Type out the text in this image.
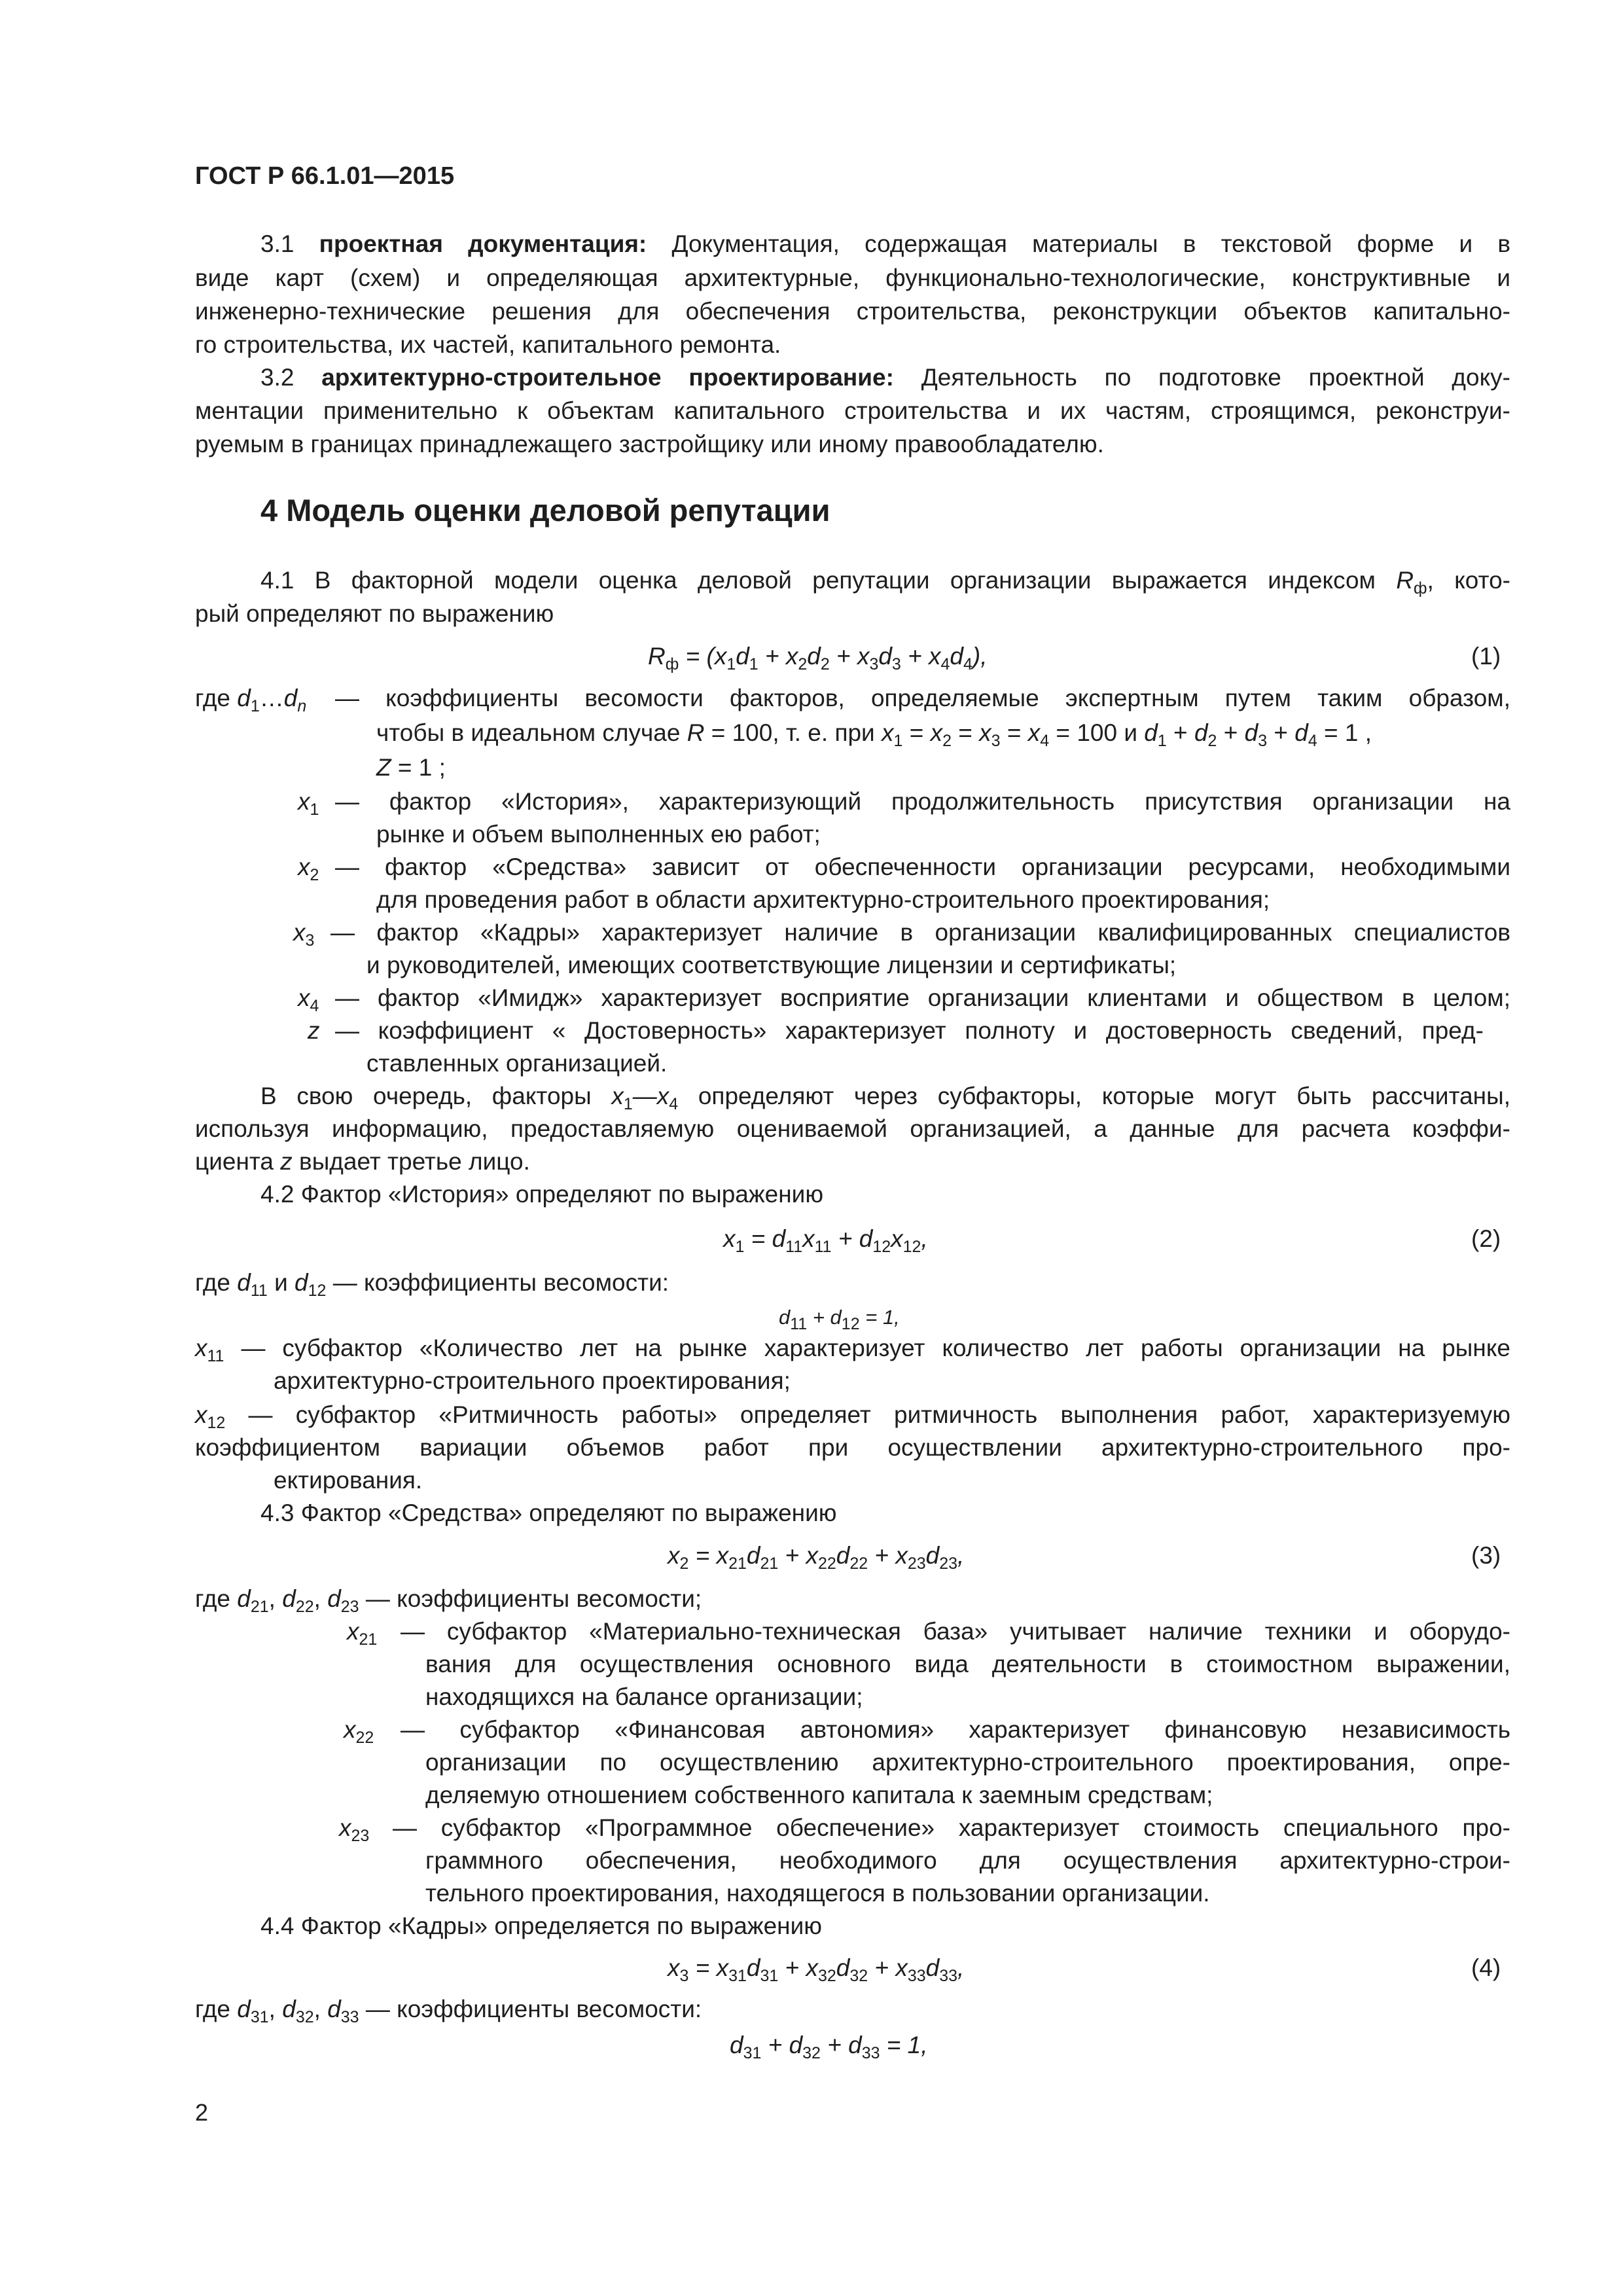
ГОСТ Р 66.1.01—2015
3.1 проектная документация: Документация, содержащая материалы в текстовой форме и в
виде карт (схем) и определяющая архитектурные, функционально-технологические, конструктивные и
инженерно-технические решения для обеспечения строительства, реконструкции объектов капитально-
го строительства, их частей, капитального ремонта.
3.2 архитектурно-строительное проектирование: Деятельность по подготовке проектной доку-
ментации применительно к объектам капитального строительства и их частям, строящимся, реконструи-
руемым в границах принадлежащего застройщику или иному правообладателю.
4 Модель оценки деловой репутации
4.1 В факторной модели оценка деловой репутации организации выражается индексом $R_ф$, кото-
рый определяют по выражению
$R_ф = (x_1d_1 + x_2d_2 + x_3d_3 + x_4d_4)$,	(1)
где $d_1\dots d_n$ — коэффициенты весомости факторов, определяемые экспертным путем таким образом,
чтобы в идеальном случае R = 100, т. е. при $x_1 = x_2 = x_3 = x_4 = 100$ и $d_1 + d_2 + d_3 + d_4 = 1$ ,
Z = 1 ;
$x_1$ — фактор «История», характеризующий продолжительность присутствия организации на
рынке и объем выполненных ею работ;
$x_2$ — фактор «Средства» зависит от обеспеченности организации ресурсами, необходимыми
для проведения работ в области архитектурно-строительного проектирования;
$x_3$ — фактор «Кадры» характеризует наличие в организации квалифицированных специалистов
и руководителей, имеющих соответствующие лицензии и сертификаты;
$x_4$ — фактор «Имидж» характеризует восприятие организации клиентами и обществом в целом;
z — коэффициент « Достоверность» характеризует полноту и достоверность сведений, пред-
ставленных организацией.
В свою очередь, факторы $x_1—x_4$ определяют через субфакторы, которые могут быть рассчитаны,
используя информацию, предоставляемую оцениваемой организацией, а данные для расчета коэффи-
циента z выдает третье лицо.
4.2 Фактор «История» определяют по выражению
$x_1 = d_{11}x_{11} + d_{12}x_{12}$,	(2)
где $d_{11}$ и $d_{12}$ — коэффициенты весомости:
$d_{11} + d_{12} = 1$,
$x_{11}$ — субфактор «Количество лет на рынке характеризует количество лет работы организации на рынке
архитектурно-строительного проектирования;
$x_{12}$ — субфактор «Ритмичность работы» определяет ритмичность выполнения работ, характеризуемую
коэффициентом вариации объемов работ при осуществлении архитектурно-строительного про-
ектирования.
4.3 Фактор «Средства» определяют по выражению
$x_2 = x_{21}d_{21} + x_{22}d_{22} + x_{23}d_{23}$,	(3)
где $d_{21}$, $d_{22}$, $d_{23}$ — коэффициенты весомости;
$x_{21}$ — субфактор «Материально-техническая база» учитывает наличие техники и оборудо-
вания для осуществления основного вида деятельности в стоимостном выражении,
находящихся на балансе организации;
$x_{22}$ — субфактор «Финансовая автономия» характеризует финансовую независимость
организации по осуществлению архитектурно-строительного проектирования, опре-
деляемую отношением собственного капитала к заемным средствам;
$x_{23}$ — субфактор «Программное обеспечение» характеризует стоимость специального про-
граммного обеспечения, необходимого для осуществления архитектурно-строи-
тельного проектирования, находящегося в пользовании организации.
4.4 Фактор «Кадры» определяется по выражению
$x_3 = x_{31}d_{31} + x_{32}d_{32} + x_{33}d_{33}$,	(4)
где $d_{31}$, $d_{32}$, $d_{33}$ — коэффициенты весомости:
$d_{31} + d_{32} + d_{33} = 1$,
2
